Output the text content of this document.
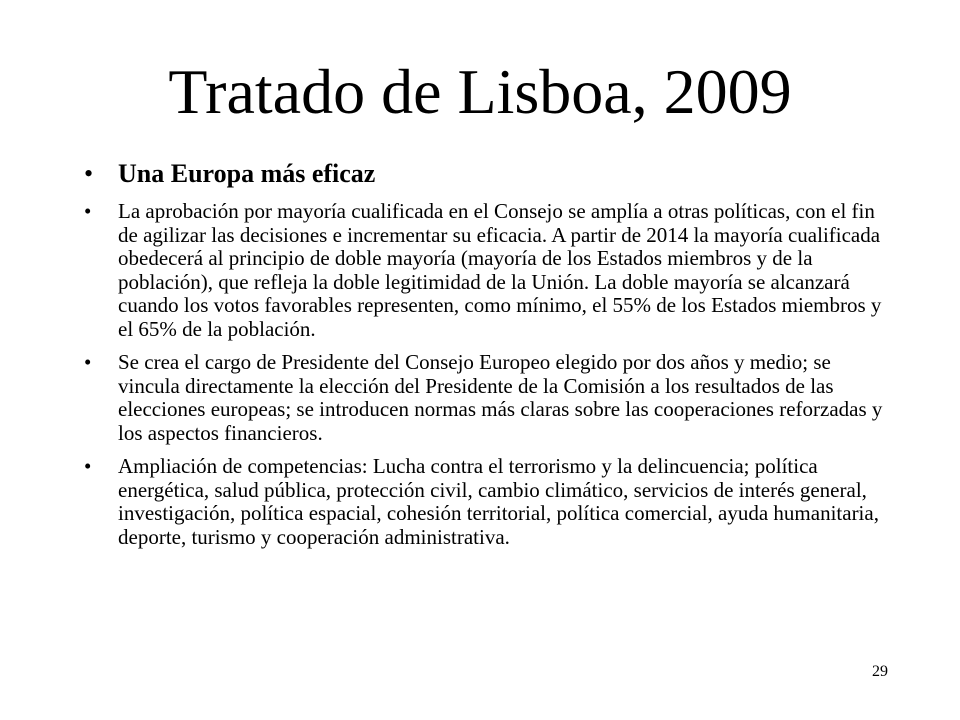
Tratado de Lisboa, 2009
• Una Europa más eficaz
• La aprobación por mayoría cualificada en el Consejo se amplía a otras políticas, con el fin de agilizar las decisiones e incrementar su eficacia. A partir de 2014 la mayoría cualificada obedecerá al principio de doble mayoría (mayoría de los Estados miembros y de la población), que refleja la doble legitimidad de la Unión. La doble mayoría se alcanzará cuando los votos favorables representen, como mínimo, el 55% de los Estados miembros y el 65% de la población.
• Se crea el cargo de Presidente del Consejo Europeo elegido por dos años y medio; se vincula directamente la elección del Presidente de la Comisión a los resultados de las elecciones europeas; se introducen normas más claras sobre las cooperaciones reforzadas y los aspectos financieros.
• Ampliación de competencias: Lucha contra el terrorismo y la delincuencia; política energética, salud pública, protección civil, cambio climático, servicios de interés general, investigación, política espacial, cohesión territorial, política comercial, ayuda humanitaria, deporte, turismo y cooperación administrativa.
29
